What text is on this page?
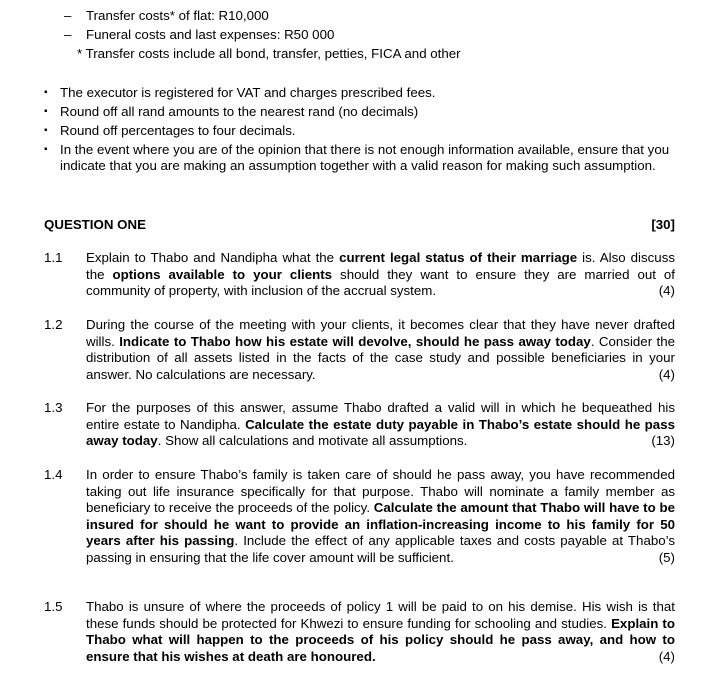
–	Transfer costs* of flat: R10,000
–	Funeral costs and last expenses: R50 000
* Transfer costs include all bond, transfer, petties, FICA and other
▪ The executor is registered for VAT and charges prescribed fees.
▪ Round off all rand amounts to the nearest rand (no decimals)
▪ Round off percentages to four decimals.
▪ In the event where you are of the opinion that there is not enough information available, ensure that you indicate that you are making an assumption together with a valid reason for making such assumption.
QUESTION ONE	[30]
1.1	Explain to Thabo and Nandipha what the current legal status of their marriage is. Also discuss the options available to your clients should they want to ensure they are married out of community of property, with inclusion of the accrual system.	(4)
1.2	During the course of the meeting with your clients, it becomes clear that they have never drafted wills. Indicate to Thabo how his estate will devolve, should he pass away today. Consider the distribution of all assets listed in the facts of the case study and possible beneficiaries in your answer. No calculations are necessary.	(4)
1.3	For the purposes of this answer, assume Thabo drafted a valid will in which he bequeathed his entire estate to Nandipha. Calculate the estate duty payable in Thabo’s estate should he pass away today. Show all calculations and motivate all assumptions.	(13)
1.4	In order to ensure Thabo’s family is taken care of should he pass away, you have recommended taking out life insurance specifically for that purpose. Thabo will nominate a family member as beneficiary to receive the proceeds of the policy. Calculate the amount that Thabo will have to be insured for should he want to provide an inflation-increasing income to his family for 50 years after his passing. Include the effect of any applicable taxes and costs payable at Thabo’s passing in ensuring that the life cover amount will be sufficient.	(5)
1.5	Thabo is unsure of where the proceeds of policy 1 will be paid to on his demise. His wish is that these funds should be protected for Khwezi to ensure funding for schooling and studies. Explain to Thabo what will happen to the proceeds of his policy should he pass away, and how to ensure that his wishes at death are honoured.	(4)
